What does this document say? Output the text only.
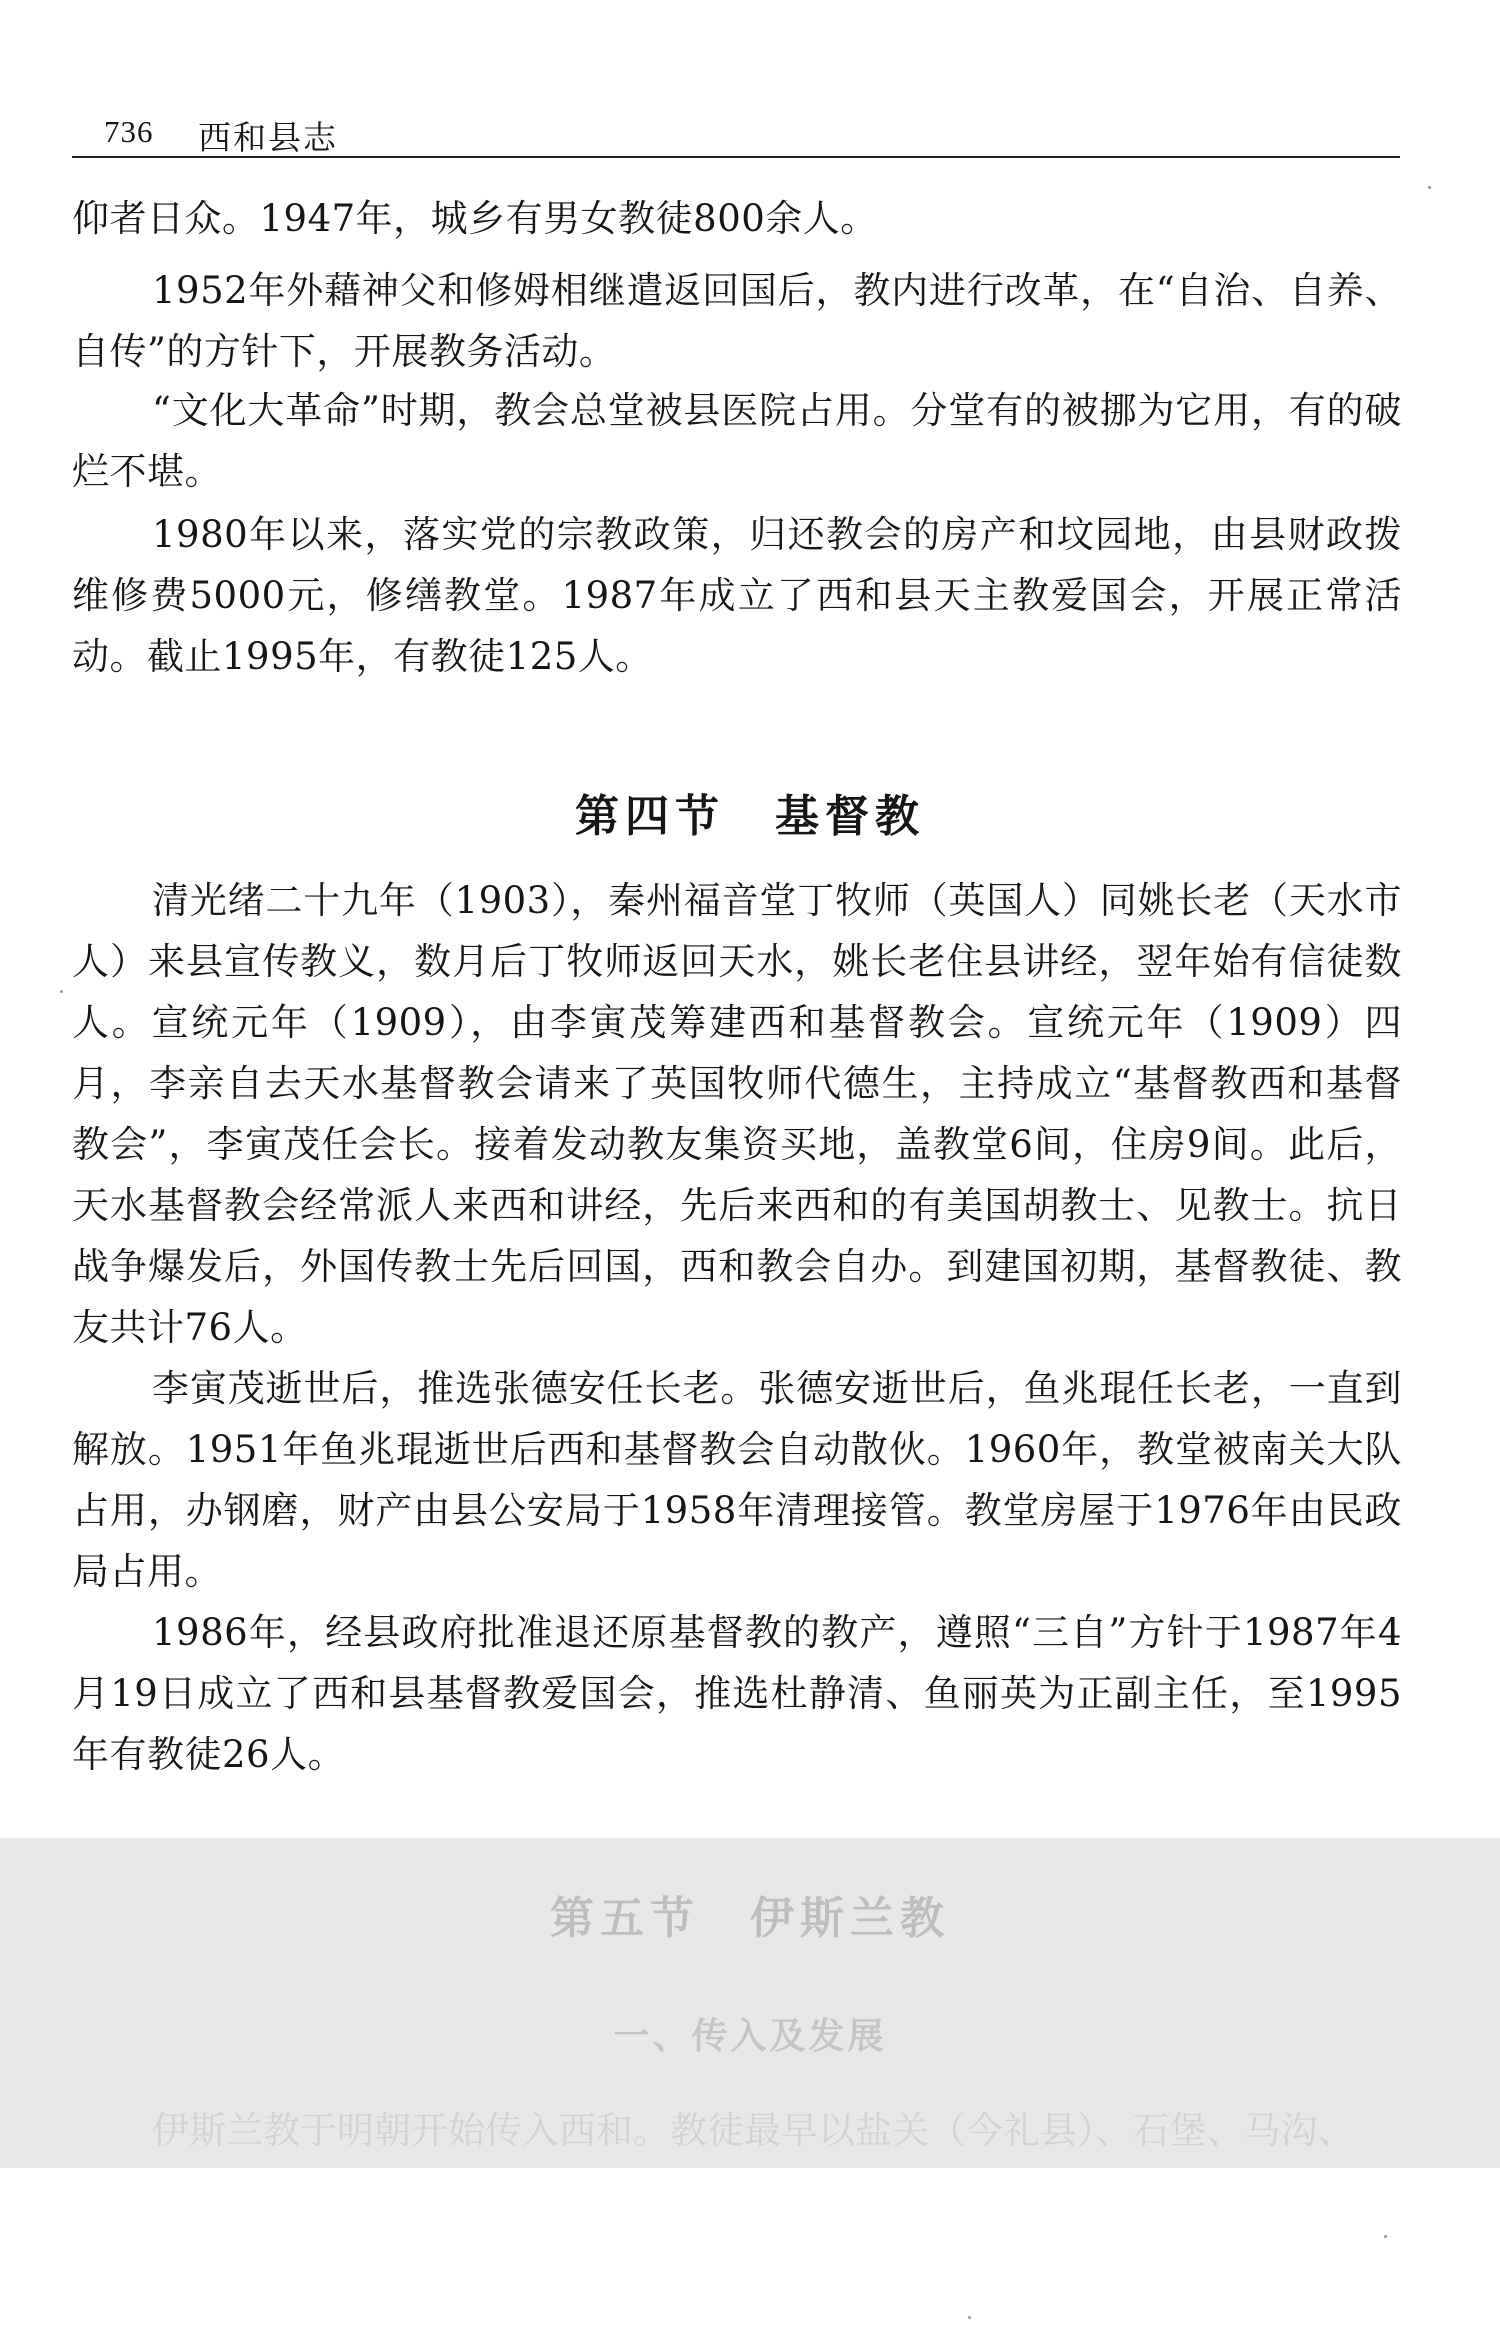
736 西和县志

仰者日众。1947年，城乡有男女教徒800余人。

1952年外藉神父和修姆相继遣返回国后，教内进行改革，在“自治、自养、自传”的方针下，开展教务活动。

“文化大革命”时期，教会总堂被县医院占用。分堂有的被挪为它用，有的破烂不堪。

1980年以来，落实党的宗教政策，归还教会的房产和坟园地，由县财政拨维修费5000元，修缮教堂。1987年成立了西和县天主教爱国会，开展正常活动。截止1995年，有教徒125人。

第四节　基督教

清光绪二十九年（1903），秦州福音堂丁牧师（英国人）同姚长老（天水市人）来县宣传教义，数月后丁牧师返回天水，姚长老住县讲经，翌年始有信徒数人。宣统元年（1909），由李寅茂筹建西和基督教会。宣统元年（1909）四月，李亲自去天水基督教会请来了英国牧师代德生，主持成立“基督教西和基督教会”，李寅茂任会长。接着发动教友集资买地，盖教堂6间，住房9间。此后，天水基督教会经常派人来西和讲经，先后来西和的有美国胡教士、见教士。抗日战争爆发后，外国传教士先后回国，西和教会自办。到建国初期，基督教徒、教友共计76人。

李寅茂逝世后，推选张德安任长老。张德安逝世后，鱼兆琨任长老，一直到解放。1951年鱼兆琨逝世后西和基督教会自动散伙。1960年，教堂被南关大队占用，办钢磨，财产由县公安局于1958年清理接管。教堂房屋于1976年由民政局占用。

1986年，经县政府批准退还原基督教的教产，遵照“三自”方针于1987年4月19日成立了西和县基督教爱国会，推选杜静清、鱼丽英为正副主任，至1995年有教徒26人。

第五节　伊斯兰教
一、传入及发展

伊斯兰教于明朝开始传入西和。教徒最早以盐关（今礼县）、石堡、马沟、
